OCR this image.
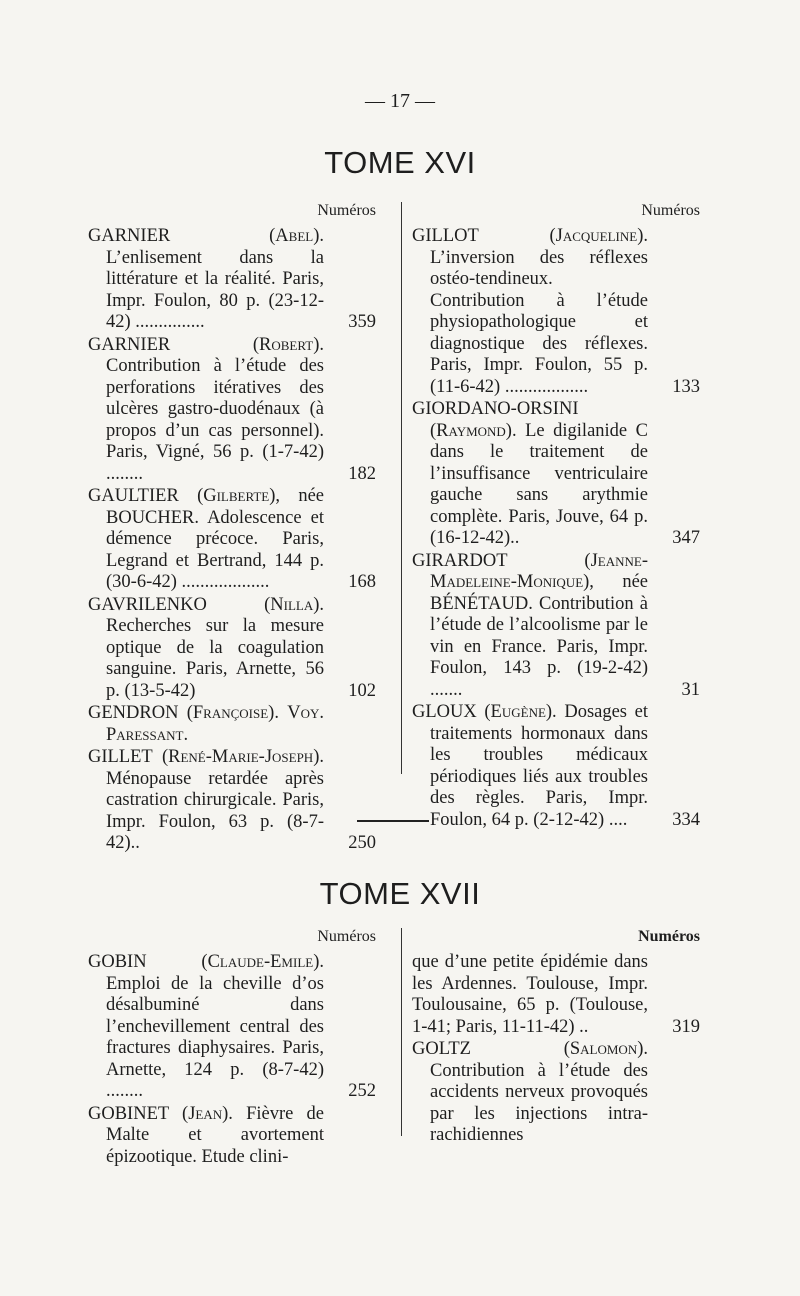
— 17 —
TOME XVI
Numéros
GARNIER	(Abel). L’enlisement dans la littérature et la réalité. Paris, Impr. Foulon, 80 p. (23-12-42) ...............	359
GARNIER	(Robert). Contribution à l’étude des perforations itératives des ulcères gastro-duodénaux (à propos d’un cas personnel). Paris, Vigné, 56 p. (1-7-42) ........	182
GAULTIER (Gilberte), née BOUCHER. Adolescence et démence précoce. Paris, Legrand et Bertrand, 144 p. (30-6-42) ...................	168
GAVRILENKO	(Nilla). Recherches sur la mesure optique de la coagulation sanguine. Paris, Arnette, 56 p. (13-5-42)	102
GENDRON (Françoise). Voy. Paressant.
GILLET (René-Marie-Joseph). Ménopause retardée après castration chirurgicale. Paris, Impr. Foulon, 63 p. (8-7-42)..	250
Numéros
GILLOT	(Jacqueline). L’inversion des réflexes ostéo-tendineux. Contribution à l’étude physiopathologique et diagnostique des réflexes. Paris, Impr. Foulon, 55 p. (11-6-42) ..................	133
GIORDANO-ORSINI (Raymond). Le digilanide C dans le traitement de l’insuffisance ventriculaire gauche sans arythmie complète. Paris, Jouve, 64 p. (16-12-42)..	347
GIRARDOT	(Jeanne-Madeleine-Monique), née BÉNÉTAUD. Contribution à l’étude de l’alcoolisme par le vin en France. Paris, Impr. Foulon, 143 p. (19-2-42) .......	31
GLOUX (Eugène). Dosages et traitements hormonaux dans les troubles médicaux périodiques liés aux troubles des règles. Paris, Impr. Foulon, 64 p. (2-12-42) ....	334
TOME XVII
Numéros
GOBIN	(Claude-Emile). Emploi de la cheville d’os désalbuminé dans l’enchevillement central des fractures diaphysaires. Paris, Arnette, 124 p. (8-7-42) ........	252
GOBINET (Jean). Fièvre de Malte et avortement épizootique. Etude clini-
Numéros
que d’une petite épidémie dans les Ardennes. Toulouse, Impr. Toulousaine, 65 p. (Toulouse, 1-41; Paris, 11-11-42) ..	319
GOLTZ	(Salomon). Contribution à l’étude des accidents nerveux provoqués par les injections intra-rachidiennes
